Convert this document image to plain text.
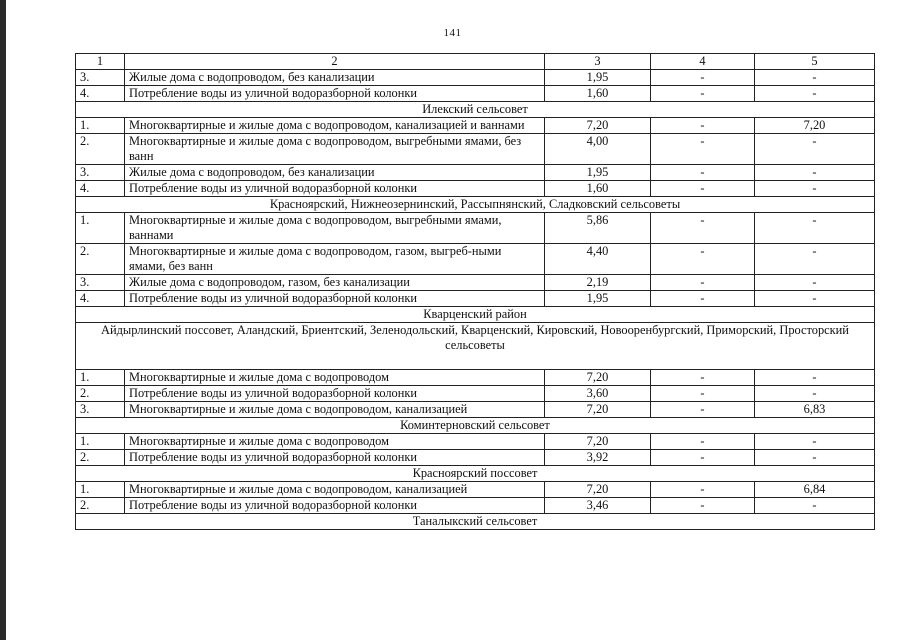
141
1	2	3	4	5
3.	Жилые дома с водопроводом, без канализации	1,95	-	-
4.	Потребление воды из уличной водоразборной колонки	1,60	-	-
Илекский сельсовет				
1.	Многоквартирные и жилые дома с водопроводом, канализацией и ваннами	7,20	-	7,20
2.	Многоквартирные и жилые дома с водопроводом, выгребными ямами, без ванн	4,00	-	-
3.	Жилые дома с водопроводом, без канализации	1,95	-	-
4.	Потребление воды из уличной водоразборной колонки	1,60	-	-
Красноярский, Нижнеозернинский, Рассыпнянский, Сладковский сельсоветы				
1.	Многоквартирные и жилые дома с водопроводом, выгребными ямами, ваннами	5,86	-	-
2.	Многоквартирные и жилые дома с водопроводом, газом, выгреб-ными ямами, без ванн	4,40	-	-
3.	Жилые дома с водопроводом, газом, без канализации	2,19	-	-
4.	Потребление воды из уличной водоразборной колонки	1,95	-	-
Кварценский район				
Айдырлинский поссовет, Аландский, Бриентский, Зеленодольский, Кварценский, Кировский, Новооренбургский, Приморский, Просторский сельсоветы				
1.	Многоквартирные и жилые дома с водопроводом	7,20	-	-
2.	Потребление воды из уличной водоразборной колонки	3,60	-	-
3.	Многоквартирные и жилые дома с водопроводом, канализацией	7,20	-	6,83
Коминтерновский сельсовет				
1.	Многоквартирные и жилые дома с водопроводом	7,20	-	-
2.	Потребление воды из уличной водоразборной колонки	3,92	-	-
Красноярский поссовет				
1.	Многоквартирные и жилые дома с водопроводом, канализацией	7,20	-	6,84
2.	Потребление воды из уличной водоразборной колонки	3,46	-	-
Таналыкский сельсовет				
